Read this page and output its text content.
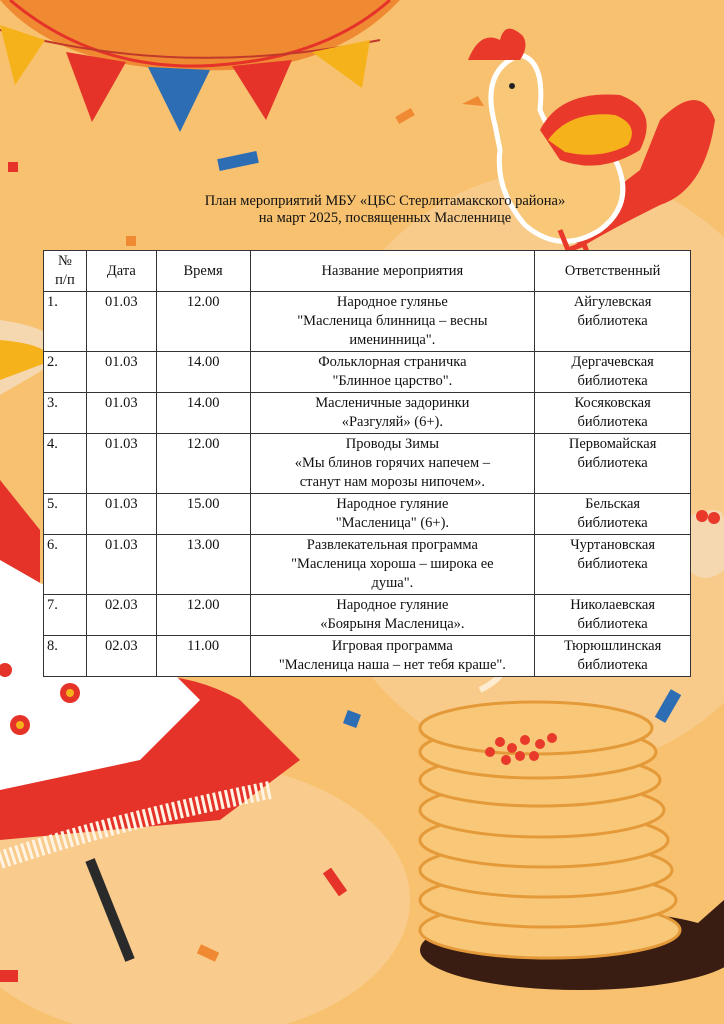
План мероприятий МБУ «ЦБС Стерлитамакского района»
на март 2025, посвященных Масленнице
№
п/п	Дата	Время	Название мероприятия	Ответственный
1.	01.03	12.00	Народное гулянье
"Масленица блинница – весны
именинница".	Айгулевская
библиотека

2.	01.03	14.00	Фольклорная страничка
"Блинное царство".	Дергачевская
библиотека

3.	01.03	14.00	Масленичные задоринки
«Разгуляй» (6+).	Косяковская
библиотека

4.	01.03	12.00	Проводы Зимы
«Мы блинов горячих напечем –
станут нам морозы нипочем».	Первомайская
библиотека

5.	01.03	15.00	Народное гуляние
"Масленица" (6+).	Бельская
библиотека

6.	01.03	13.00	Развлекательная программа
"Масленица хороша – широка ее
душа".	Чуртановская
библиотека

7.	02.03	12.00	Народное гуляние
«Боярыня Масленица».	Николаевская
библиотека

8.	02.03	11.00	Игровая программа
"Масленица наша – нет тебя краше".	Тюрюшлинская
библиотека
